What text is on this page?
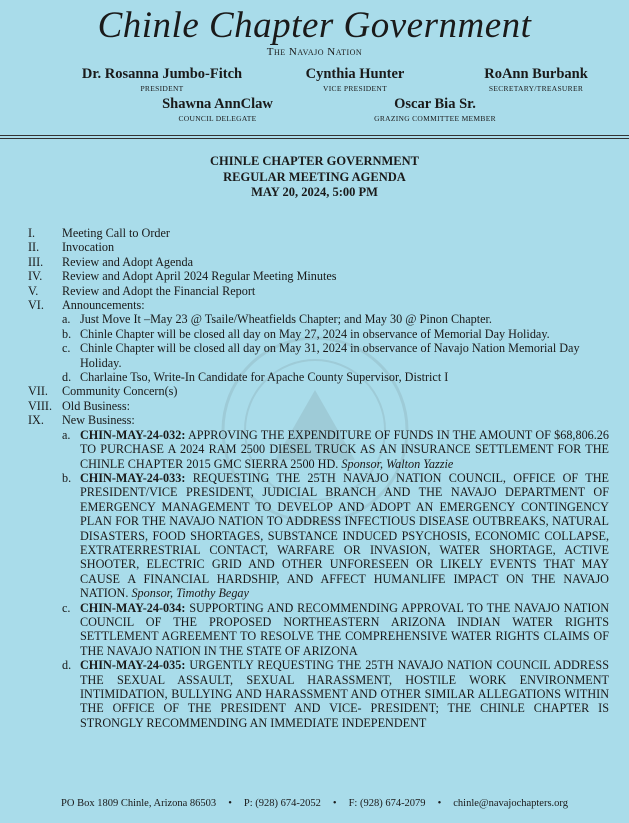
Chinle Chapter Government
The Navajo Nation
Dr. Rosanna Jumbo-Fitch
PRESIDENT
Cynthia Hunter
VICE PRESIDENT
RoAnn Burbank
SECRETARY/TREASURER
Shawna AnnClaw
COUNCIL DELEGATE
Oscar Bia Sr.
GRAZING COMMITTEE MEMBER
CHINLE CHAPTER GOVERNMENT
REGULAR MEETING AGENDA
MAY 20, 2024, 5:00 PM
I. Meeting Call to Order
II. Invocation
III. Review and Adopt Agenda
IV. Review and Adopt April 2024 Regular Meeting Minutes
V. Review and Adopt the Financial Report
VI. Announcements:
a. Just Move It –May 23 @ Tsaile/Wheatfields Chapter; and May 30 @ Pinon Chapter.
b. Chinle Chapter will be closed all day on May 27, 2024 in observance of Memorial Day Holiday.
c. Chinle Chapter will be closed all day on May 31, 2024 in observance of Navajo Nation Memorial Day Holiday.
d. Charlaine Tso, Write-In Candidate for Apache County Supervisor, District I
VII. Community Concern(s)
VIII. Old Business:
IX. New Business:
a. CHIN-MAY-24-032: APPROVING THE EXPENDITURE OF FUNDS IN THE AMOUNT OF $68,806.26 TO PURCHASE A 2024 RAM 2500 DIESEL TRUCK AS AN INSURANCE SETTLEMENT FOR THE CHINLE CHAPTER 2015 GMC SIERRA 2500 HD. Sponsor, Walton Yazzie
b. CHIN-MAY-24-033: REQUESTING THE 25TH NAVAJO NATION COUNCIL, OFFICE OF THE PRESIDENT/VICE PRESIDENT, JUDICIAL BRANCH AND THE NAVAJO DEPARTMENT OF EMERGENCY MANAGEMENT TO DEVELOP AND ADOPT AN EMERGENCY CONTINGENCY PLAN FOR THE NAVAJO NATION TO ADDRESS INFECTIOUS DISEASE OUTBREAKS, NATURAL DISASTERS, FOOD SHORTAGES, SUBSTANCE INDUCED PSYCHOSIS, ECONOMIC COLLAPSE, EXTRATERRESTRIAL CONTACT, WARFARE OR INVASION, WATER SHORTAGE, ACTIVE SHOOTER, ELECTRIC GRID AND OTHER UNFORESEEN OR LIKELY EVENTS THAT MAY CAUSE A FINANCIAL HARDSHIP, AND AFFECT HUMANLIFE IMPACT ON THE NAVAJO NATION. Sponsor, Timothy Begay
c. CHIN-MAY-24-034: SUPPORTING AND RECOMMENDING APPROVAL TO THE NAVAJO NATION COUNCIL OF THE PROPOSED NORTHEASTERN ARIZONA INDIAN WATER RIGHTS SETTLEMENT AGREEMENT TO RESOLVE THE COMPREHENSIVE WATER RIGHTS CLAIMS OF THE NAVAJO NATION IN THE STATE OF ARIZONA
d. CHIN-MAY-24-035: URGENTLY REQUESTING THE 25TH NAVAJO NATION COUNCIL ADDRESS THE SEXUAL ASSAULT, SEXUAL HARASSMENT, HOSTILE WORK ENVIRONMENT INTIMIDATION, BULLYING AND HARASSMENT AND OTHER SIMILAR ALLEGATIONS WITHIN THE OFFICE OF THE PRESIDENT AND VICE- PRESIDENT; THE CHINLE CHAPTER IS STRONGLY RECOMMENDING AN IMMEDIATE INDEPENDENT
PO Box 1809 Chinle, Arizona 86503 • P: (928) 674-2052 • F: (928) 674-2079 • chinle@navajochapters.org
